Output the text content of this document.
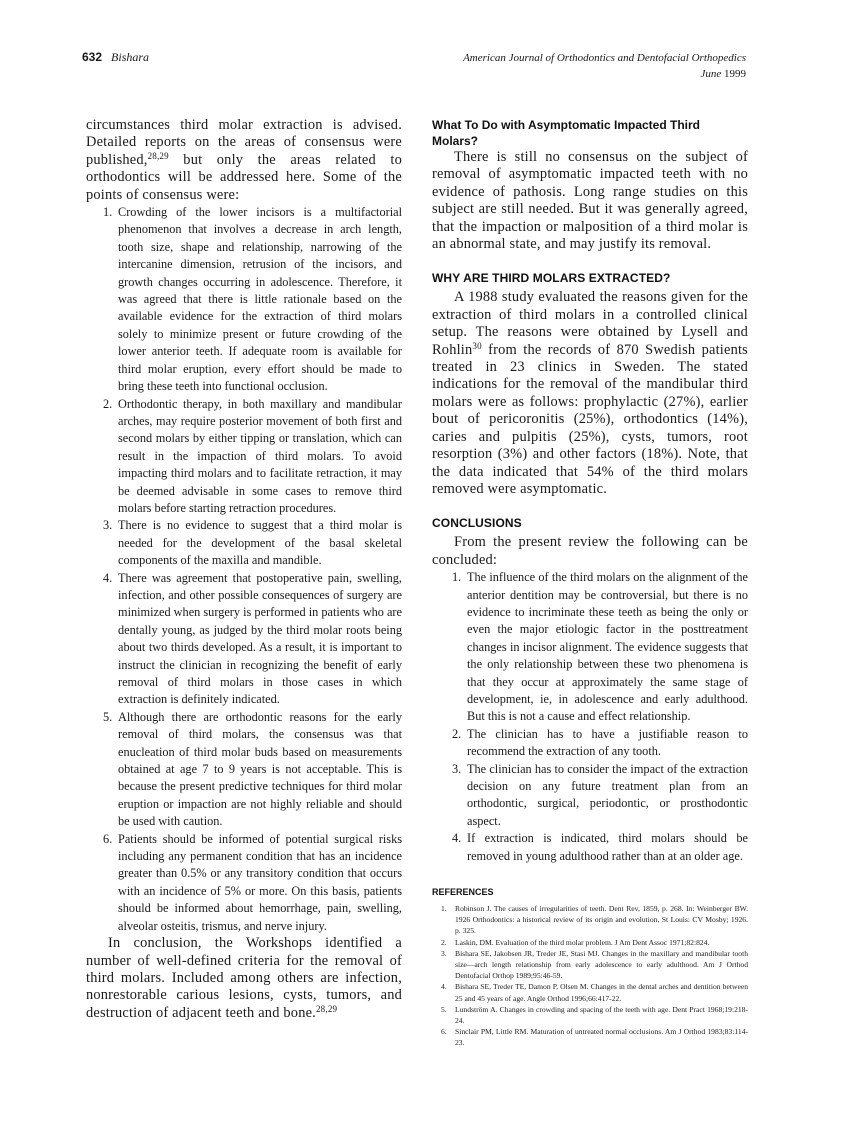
632 Bishara	American Journal of Orthodontics and Dentofacial Orthopedics
June 1999

circumstances third molar extraction is advised. Detailed reports on the areas of consensus were published,$^{28,29}$ but only the areas related to orthodontics will be addressed here. Some of the points of consensus were:

1. Crowding of the lower incisors is a multifactorial phenomenon that involves a decrease in arch length, tooth size, shape and relationship, narrowing of the intercanine dimension, retrusion of the incisors, and growth changes occurring in adolescence. Therefore, it was agreed that there is little rationale based on the available evidence for the extraction of third molars solely to minimize present or future crowding of the lower anterior teeth. If adequate room is available for third molar eruption, every effort should be made to bring these teeth into functional occlusion.
2. Orthodontic therapy, in both maxillary and mandibular arches, may require posterior movement of both first and second molars by either tipping or translation, which can result in the impaction of third molars. To avoid impacting third molars and to facilitate retraction, it may be deemed advisable in some cases to remove third molars before starting retraction procedures.
3. There is no evidence to suggest that a third molar is needed for the development of the basal skeletal components of the maxilla and mandible.
4. There was agreement that postoperative pain, swelling, infection, and other possible consequences of surgery are minimized when surgery is performed in patients who are dentally young, as judged by the third molar roots being about two thirds developed. As a result, it is important to instruct the clinician in recognizing the benefit of early removal of third molars in those cases in which extraction is definitely indicated.
5. Although there are orthodontic reasons for the early removal of third molars, the consensus was that enucleation of third molar buds based on measurements obtained at age 7 to 9 years is not acceptable. This is because the present predictive techniques for third molar eruption or impaction are not highly reliable and should be used with caution.
6. Patients should be informed of potential surgical risks including any permanent condition that has an incidence greater than 0.5% or any transitory condition that occurs with an incidence of 5% or more. On this basis, patients should be informed about hemorrhage, pain, swelling, alveolar osteitis, trismus, and nerve injury.

In conclusion, the Workshops identified a number of well-defined criteria for the removal of third molars. Included among others are infection, nonrestorable carious lesions, cysts, tumors, and destruction of adjacent teeth and bone.$^{28,29}$

What To Do with Asymptomatic Impacted Third Molars?

There is still no consensus on the subject of removal of asymptomatic impacted teeth with no evidence of pathosis. Long range studies on this subject are still needed. But it was generally agreed, that the impaction or malposition of a third molar is an abnormal state, and may justify its removal.

WHY ARE THIRD MOLARS EXTRACTED?

A 1988 study evaluated the reasons given for the extraction of third molars in a controlled clinical setup. The reasons were obtained by Lysell and Rohlin$^{30}$ from the records of 870 Swedish patients treated in 23 clinics in Sweden. The stated indications for the removal of the mandibular third molars were as follows: prophylactic (27%), earlier bout of pericoronitis (25%), orthodontics (14%), caries and pulpitis (25%), cysts, tumors, root resorption (3%) and other factors (18%). Note, that the data indicated that 54% of the third molars removed were asymptomatic.

CONCLUSIONS

From the present review the following can be concluded:

1. The influence of the third molars on the alignment of the anterior dentition may be controversial, but there is no evidence to incriminate these teeth as being the only or even the major etiologic factor in the posttreatment changes in incisor alignment. The evidence suggests that the only relationship between these two phenomena is that they occur at approximately the same stage of development, ie, in adolescence and early adulthood. But this is not a cause and effect relationship.
2. The clinician has to have a justifiable reason to recommend the extraction of any tooth.
3. The clinician has to consider the impact of the extraction decision on any future treatment plan from an orthodontic, surgical, periodontic, or prosthodontic aspect.
4. If extraction is indicated, third molars should be removed in young adulthood rather than at an older age.
REFERENCES
1. Robinson J. The causes of irregularities of teeth. Dent Rev, 1859, p. 268. In: Weinberger BW. 1926 Orthodontics: a historical review of its origin and evolution, St Louis: CV Mosby; 1926. p. 325.
2. Laskin, DM. Evaluation of the third molar problem. J Am Dent Assoc 1971;82:824.
3. Bishara SE, Jakobsen JR, Treder JE, Stasi MJ. Changes in the maxillary and mandibular tooth size—arch length relationship from early adolescence to early adulthood. Am J Orthod Dentofacial Orthop 1989;95:46-59.
4. Bishara SE, Treder TE, Damon P, Olsen M. Changes in the dental arches and dentition between 25 and 45 years of age. Angle Orthod 1996;66:417-22.
5. Lundström A. Changes in crowding and spacing of the teeth with age. Dent Pract 1968;19:218-24.
6. Sinclair PM, Little RM. Maturation of untreated normal occlusions. Am J Orthod 1983;83:114-23.
